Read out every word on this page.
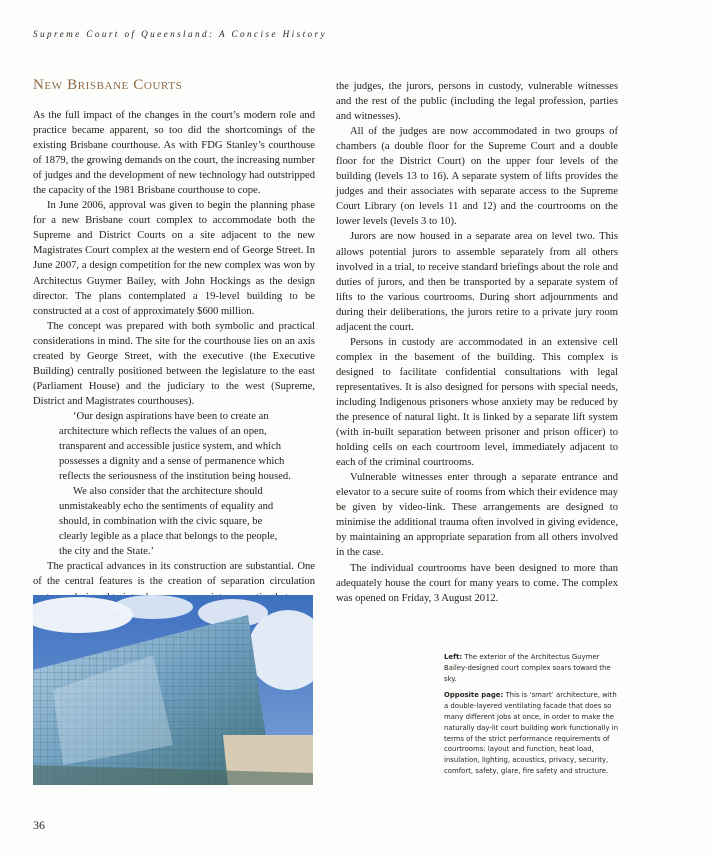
Supreme Court of Queensland: A Concise History
New Brisbane Courts

As the full impact of the changes in the court’s modern role and practice became apparent, so too did the shortcomings of the existing Brisbane courthouse. As with FDG Stanley’s courthouse of 1879, the growing demands on the court, the increasing number of judges and the development of new technology had outstripped the capacity of the 1981 Brisbane courthouse to cope.

In June 2006, approval was given to begin the planning phase for a new Brisbane court complex to accommodate both the Supreme and District Courts on a site adjacent to the new Magistrates Court complex at the western end of George Street. In June 2007, a design competition for the new complex was won by Architectus Guymer Bailey, with John Hockings as the design director. The plans contemplated a 19-level building to be constructed at a cost of approximately $600 million.

The concept was prepared with both symbolic and practical considerations in mind. The site for the courthouse lies on an axis created by George Street, with the executive (the Executive Building) centrally positioned between the legislature to the east (Parliament House) and the judiciary to the west (Supreme, District and Magistrates courthouses).

‘Our design aspirations have been to create an architecture which reflects the values of an open, transparent and accessible justice system, and which possesses a dignity and a sense of permanence which reflects the seriousness of the institution being housed.

We also consider that the architecture should unmistakeably echo the sentiments of equality and should, in combination with the civic square, be clearly legible as a place that belongs to the people, the city and the State.’

The practical advances in its construction are substantial. One of the central features is the creation of separation circulation

the judges, the jurors, persons in custody, vulnerable witnesses and the rest of the public (including the legal profession, parties and witnesses).

All of the judges are now accommodated in two groups of chambers (a double floor for the Supreme Court and a double floor for the District Court) on the upper four levels of the building (levels 13 to 16). A separate system of lifts provides the judges and their associates with separate access to the Supreme Court Library (on levels 11 and 12) and the courtrooms on the lower levels (levels 3 to 10).

Jurors are now housed in a separate area on level two. This allows potential jurors to assemble separately from all others involved in a trial, to receive standard briefings about the role and duties of jurors, and then be transported by a separate system of lifts to the various courtrooms. During short adjournments and during their deliberations, the jurors retire to a private jury room adjacent the court.

Persons in custody are accommodated in an extensive cell complex in the basement of the building. This complex is designed to facilitate confidential consultations with legal representatives. It is also designed for persons with special needs, including Indigenous prisoners whose anxiety may be reduced by the presence of natural light. It is linked by a separate lift system (with in-built separation between prisoner and prison officer) to holding cells on each courtroom level, immediately adjacent to each of the criminal courtrooms.

Vulnerable witnesses enter through a separate entrance and elevator to a secure suite of rooms from which their evidence may be given by video-link. These arrangements are designed to minimise the additional trauma often involved in giving evidence, by maintaining an appropriate separation from all others involved in the case.

The individual courtrooms have been designed to more than adequately house the court for many years to come. The complex was opened on Friday, 3 August 2012.

Left: The exterior of the Architectus Guymer Bailey-designed court complex soars toward the sky.

Opposite page: This is ‘smart’ architecture, with a double-layered ventilating facade that does so many different jobs at once, in order to make the naturally day-lit court building work functionally in terms of the strict performance requirements of courtrooms: layout and function, heat load, insulation, lighting, acoustics, privacy, security, comfort, safety, glare, fire safety and structure.

36
